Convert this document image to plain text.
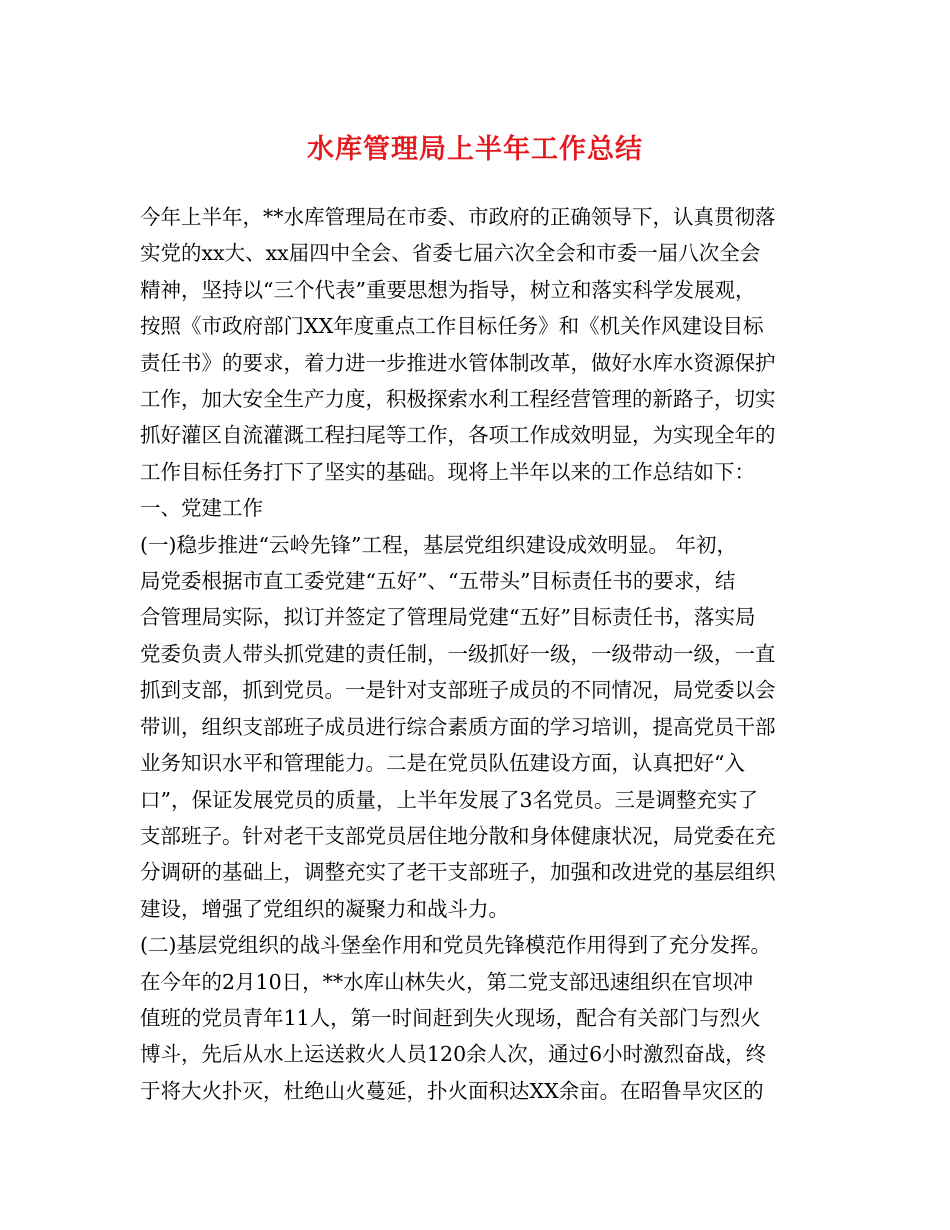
水库管理局上半年工作总结
今年上半年，**水库管理局在市委、市政府的正确领导下，认真贯彻落
实党的xx大、xx届四中全会、省委七届六次全会和市委一届八次全会
精神，坚持以“三个代表”重要思想为指导，树立和落实科学发展观，
按照《市政府部门XX年度重点工作目标任务》和《机关作风建设目标
责任书》的要求，着力进一步推进水管体制改革，做好水库水资源保护
工作，加大安全生产力度，积极探索水利工程经营管理的新路子，切实
抓好灌区自流灌溉工程扫尾等工作，各项工作成效明显，为实现全年的
工作目标任务打下了坚实的基础。现将上半年以来的工作总结如下：
一、党建工作
(一)稳步推进“云岭先锋”工程，基层党组织建设成效明显。 年初，
局党委根据市直工委党建“五好”、“五带头”目标责任书的要求，结
合管理局实际，拟订并签定了管理局党建“五好”目标责任书，落实局
党委负责人带头抓党建的责任制，一级抓好一级，一级带动一级，一直
抓到支部，抓到党员。一是针对支部班子成员的不同情况，局党委以会
带训，组织支部班子成员进行综合素质方面的学习培训，提高党员干部
业务知识水平和管理能力。二是在党员队伍建设方面，认真把好“入
口”，保证发展党员的质量，上半年发展了3名党员。三是调整充实了
支部班子。针对老干支部党员居住地分散和身体健康状况，局党委在充
分调研的基础上，调整充实了老干支部班子，加强和改进党的基层组织
建设，增强了党组织的凝聚力和战斗力。
(二)基层党组织的战斗堡垒作用和党员先锋模范作用得到了充分发挥。
在今年的2月10日，**水库山林失火，第二党支部迅速组织在官坝冲
值班的党员青年11人，第一时间赶到失火现场，配合有关部门与烈火
博斗，先后从水上运送救火人员120余人次，通过6小时激烈奋战，终
于将大火扑灭，杜绝山火蔓延，扑火面积达XX余亩。在昭鲁旱灾区的
